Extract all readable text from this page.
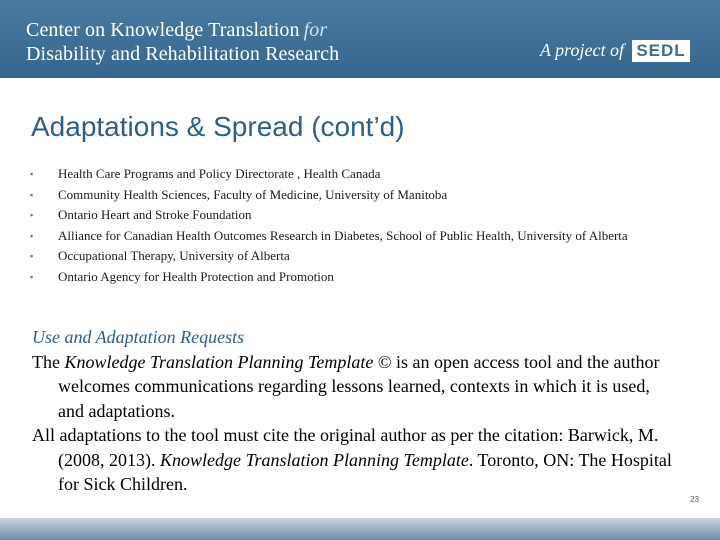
Center on Knowledge Translation for
Disability and Rehabilitation Research	A project of SEDL
Adaptations & Spread (cont’d)
▪ Health Care Programs and Policy Directorate , Health Canada
▪ Community Health Sciences, Faculty of Medicine, University of Manitoba
▪ Ontario Heart and Stroke Foundation
▪ Alliance for Canadian Health Outcomes Research in Diabetes, School of Public Health, University of Alberta
▪ Occupational Therapy, University of Alberta
▪ Ontario Agency for Health Protection and Promotion

Use and Adaptation Requests

The Knowledge Translation Planning Template © is an open access tool and the author welcomes communications regarding lessons learned, contexts in which it is used, and adaptations.

All adaptations to the tool must cite the original author as per the citation: Barwick, M. (2008, 2013). Knowledge Translation Planning Template. Toronto, ON: The Hospital for Sick Children.

23
